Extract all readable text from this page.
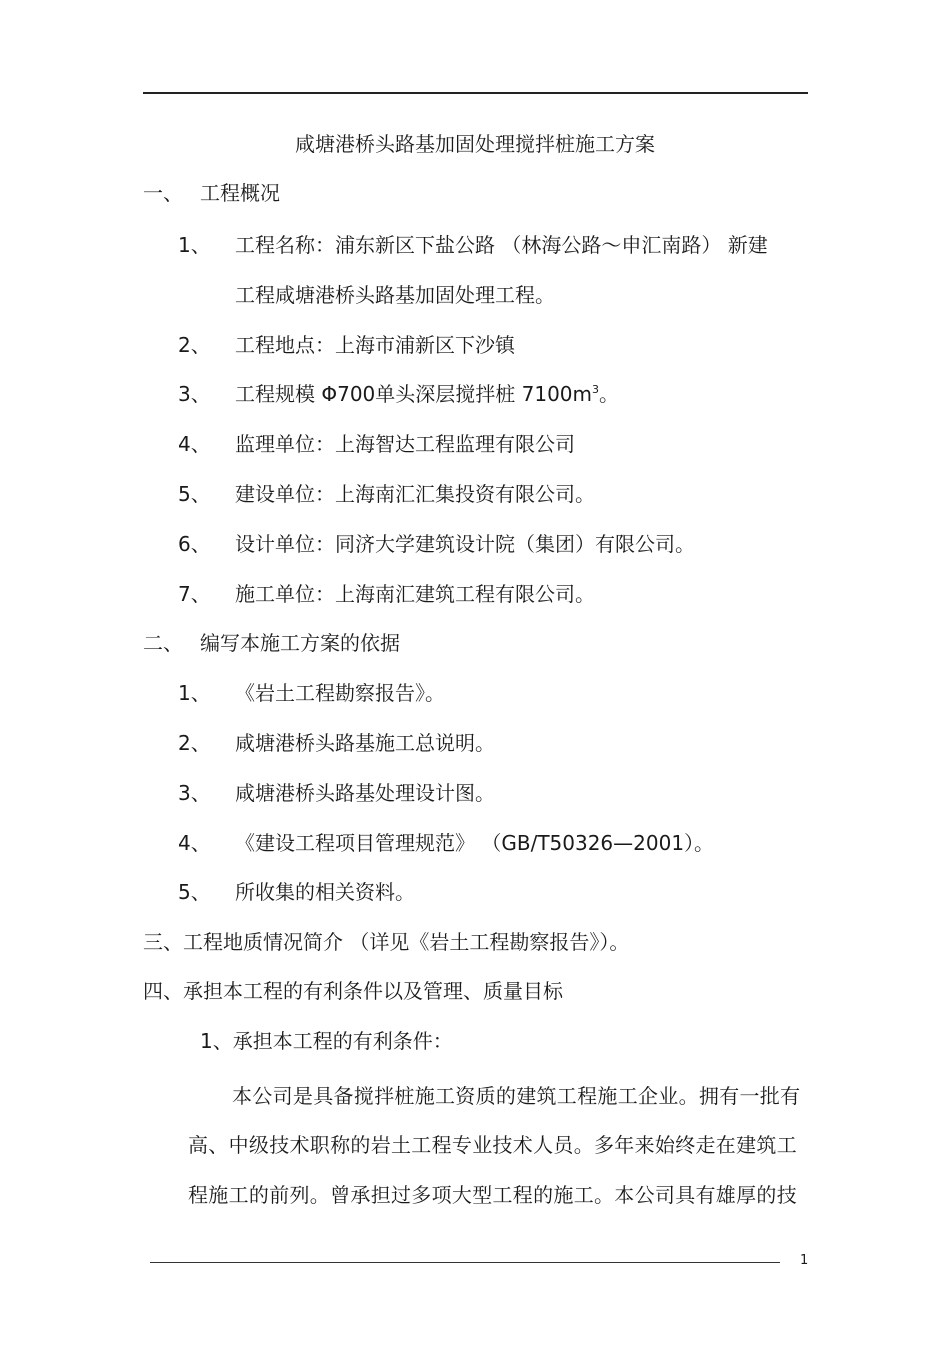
咸塘港桥头路基加固处理搅拌桩施工方案
一、 工程概况
1、 工程名称：浦东新区下盐公路 （林海公路～申汇南路） 新建
工程咸塘港桥头路基加固处理工程。
2、 工程地点：上海市浦新区下沙镇
3、 工程规模 Φ700单头深层搅拌桩 $7100m^3$。
4、 监理单位：上海智达工程监理有限公司
5、 建设单位：上海南汇汇集投资有限公司。
6、 设计单位：同济大学建筑设计院（集团）有限公司。
7、 施工单位：上海南汇建筑工程有限公司。
二、 编写本施工方案的依据
1、 《岩土工程勘察报告》。
2、 咸塘港桥头路基施工总说明。
3、 咸塘港桥头路基处理设计图。
4、 《建设工程项目管理规范》 （GB/T50326—2001）。
5、 所收集的相关资料。
三、工程地质情况简介 （详见《岩土工程勘察报告》）。
四、承担本工程的有利条件以及管理、质量目标
1、承担本工程的有利条件：
本公司是具备搅拌桩施工资质的建筑工程施工企业。拥有一批有
高、中级技术职称的岩土工程专业技术人员。多年来始终走在建筑工
程施工的前列。曾承担过多项大型工程的施工。本公司具有雄厚的技
1
